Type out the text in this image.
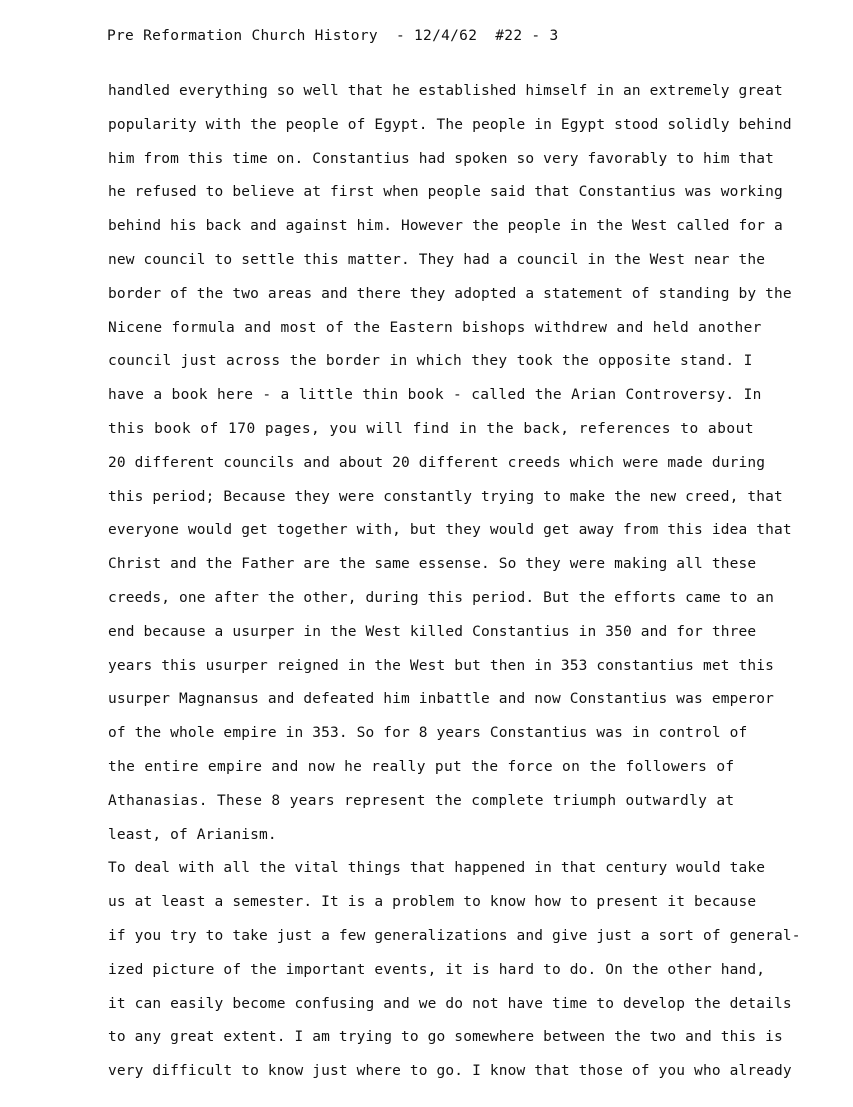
Pre Reformation Church History  - 12/4/62  #22 - 3
handled everything so well that he established himself in an extremely great
popularity with the people of Egypt. The people in Egypt stood solidly behind
him from this time on. Constantius had spoken so very favorably to him that
he refused to believe at first when people said that Constantius was working
behind his back and against him. However the people in the West called for a
new council to settle this matter. They had a council in the West near the
border of the two areas and there they adopted a statement of standing by the
Nicene formula and most of the Eastern bishops withdrew and held another
council just across the border in which they took the opposite stand. I
have a book here - a little thin book - called the Arian Controversy. In
this book of 170 pages, you will find in the back, references to about
20 different councils and about 20 different creeds which were made during
this period; Because they were constantly trying to make the new creed, that
everyone would get together with, but they would get away from this idea that
Christ and the Father are the same essense. So they were making all these
creeds, one after the other, during this period. But the efforts came to an
end because a usurper in the West killed Constantius in 350 and for three
years this usurper reigned in the West but then in 353 constantius met this
usurper Magnansus and defeated him inbattle and now Constantius was emperor
of the whole empire in 353. So for 8 years Constantius was in control of
the entire empire and now he really put the force on the followers of
Athanasias. These 8 years represent the complete triumph outwardly at
least, of Arianism.
To deal with all the vital things that happened in that century would take
us at least a semester. It is a problem to know how to present it because
if you try to take just a few generalizations and give just a sort of general-
ized picture of the important events, it is hard to do. On the other hand,
it can easily become confusing and we do not have time to develop the details
to any great extent. I am trying to go somewhere between the two and this is
very difficult to know just where to go. I know that those of you who already
